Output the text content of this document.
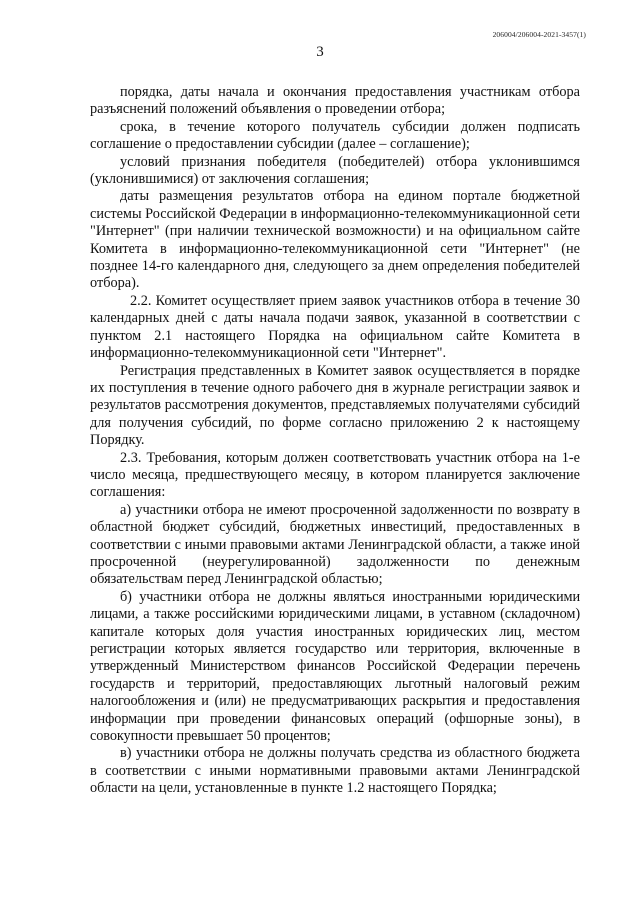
206004/206004-2021-3457(1)
3

порядка, даты начала и окончания предоставления участникам отбора разъяснений положений объявления о проведении отбора;

срока, в течение которого получатель субсидии должен подписать соглашение о предоставлении субсидии (далее – соглашение);

условий признания победителя (победителей) отбора уклонившимся (уклонившимися) от заключения соглашения;

даты размещения результатов отбора на едином портале бюджетной системы Российской Федерации в информационно-телекоммуникационной сети "Интернет" (при наличии технической возможности) и на официальном сайте Комитета в информационно-телекоммуникационной сети "Интернет" (не позднее 14-го календарного дня, следующего за днем определения победителей отбора).

2.2. Комитет осуществляет прием заявок участников отбора в течение 30 календарных дней с даты начала подачи заявок, указанной в соответствии с пунктом 2.1 настоящего Порядка на официальном сайте Комитета в информационно-телекоммуникационной сети "Интернет".

Регистрация представленных в Комитет заявок осуществляется в порядке их поступления в течение одного рабочего дня в журнале регистрации заявок и результатов рассмотрения документов, представляемых получателями субсидий для получения субсидий, по форме согласно приложению 2 к настоящему Порядку.

2.3. Требования, которым должен соответствовать участник отбора на 1-е число месяца, предшествующего месяцу, в котором планируется заключение соглашения:

а) участники отбора не имеют просроченной задолженности по возврату в областной бюджет субсидий, бюджетных инвестиций, предоставленных в соответствии с иными правовыми актами Ленинградской области, а также иной просроченной (неурегулированной) задолженности по денежным обязательствам перед Ленинградской областью;

б) участники отбора не должны являться иностранными юридическими лицами, а также российскими юридическими лицами, в уставном (складочном) капитале которых доля участия иностранных юридических лиц, местом регистрации которых является государство или территория, включенные в утвержденный Министерством финансов Российской Федерации перечень государств и территорий, предоставляющих льготный налоговый режим налогообложения и (или) не предусматривающих раскрытия и предоставления информации при проведении финансовых операций (офшорные зоны), в совокупности превышает 50 процентов;

в) участники отбора не должны получать средства из областного бюджета в соответствии с иными нормативными правовыми актами Ленинградской области на цели, установленные в пункте 1.2 настоящего Порядка;
